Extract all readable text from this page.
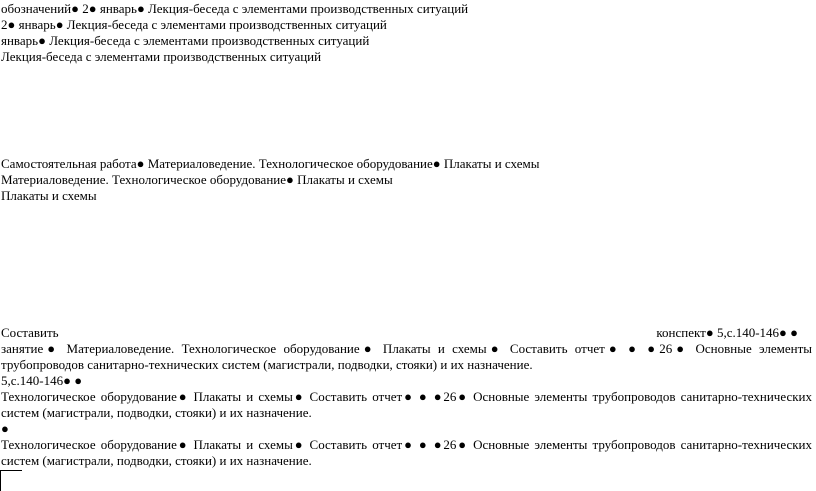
обозначений● 2● январь● Лекция-беседа с элементами производственных ситуаций
2● январь● Лекция-беседа с элементами производственных ситуаций
январь● Лекция-беседа с элементами производственных ситуаций
Лекция-беседа с элементами производственных ситуаций
Самостоятельная работа● Материаловедение. Технологическое оборудование● Плакаты и схемы
Материаловедение. Технологическое оборудование● Плакаты и схемы
Плакаты и схемы
Составить	конспект● 5,с.140-146● ●
занятие● Материаловедение. Технологическое оборудование● Плакаты и схемы● Составить отчет● ● ●26● Основные элементы
трубопроводов санитарно-технических систем (магистрали, подводки, стояки) и их назначение.
5,с.140-146● ●
Технологическое оборудование● Плакаты и схемы● Составить отчет● ● ●26● Основные элементы трубопроводов санитарно-технических
систем (магистрали, подводки, стояки) и их назначение.
●
Технологическое оборудование● Плакаты и схемы● Составить отчет● ● ●26● Основные элементы трубопроводов санитарно-технических
систем (магистрали, подводки, стояки) и их назначение.
